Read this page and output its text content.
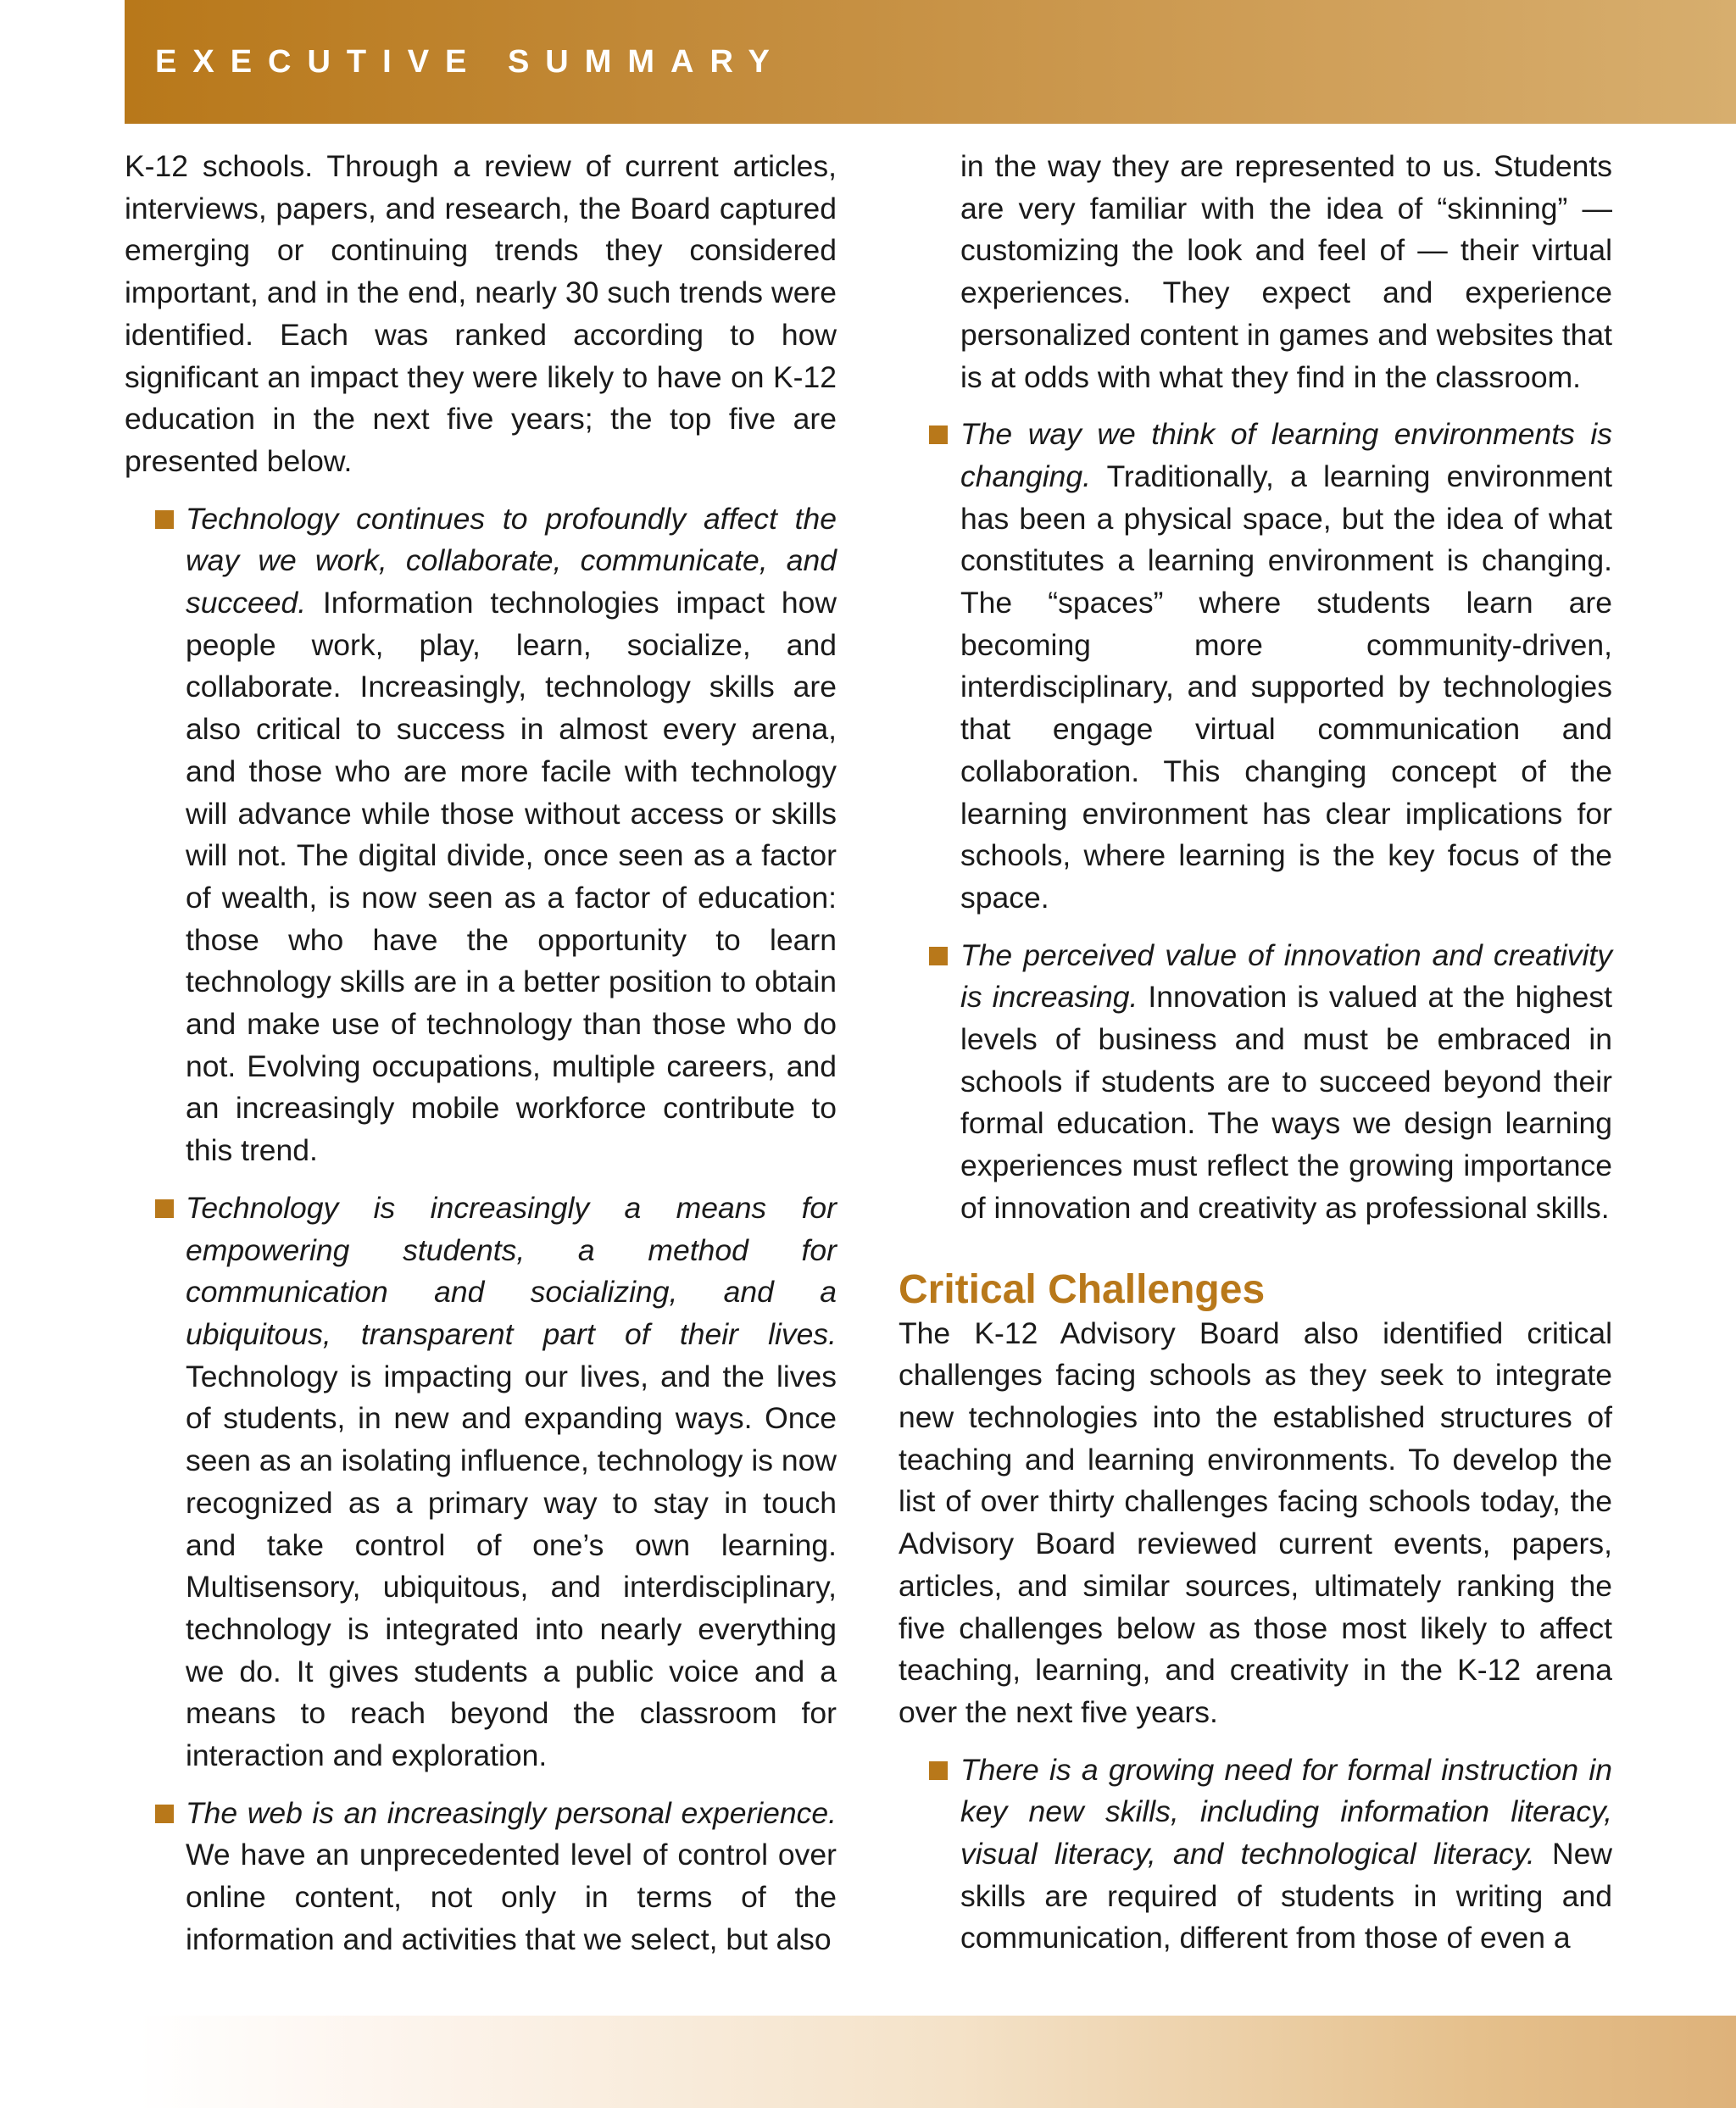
EXECUTIVE SUMMARY

K-12 schools. Through a review of current articles, interviews, papers, and research, the Board captured emerging or continuing trends they considered important, and in the end, nearly 30 such trends were identified. Each was ranked according to how significant an impact they were likely to have on K-12 education in the next five years; the top five are presented below.

Technology continues to profoundly affect the way we work, collaborate, communicate, and succeed. Information technologies impact how people work, play, learn, socialize, and collaborate. Increasingly, technology skills are also critical to success in almost every arena, and those who are more facile with technology will advance while those without access or skills will not. The digital divide, once seen as a factor of wealth, is now seen as a factor of education: those who have the opportunity to learn technology skills are in a better position to obtain and make use of technology than those who do not. Evolving occupations, multiple careers, and an increasingly mobile workforce contribute to this trend.
Technology is increasingly a means for empowering students, a method for communication and socializing, and a ubiquitous, transparent part of their lives. Technology is impacting our lives, and the lives of students, in new and expanding ways. Once seen as an isolating influence, technology is now recognized as a primary way to stay in touch and take control of one’s own learning. Multisensory, ubiquitous, and interdisciplinary, technology is integrated into nearly everything we do. It gives students a public voice and a means to reach beyond the classroom for interaction and exploration.
The web is an increasingly personal experience. We have an unprecedented level of control over online content, not only in terms of the information and activities that we select, but also

in the way they are represented to us. Students are very familiar with the idea of “skinning” — customizing the look and feel of — their virtual experiences. They expect and experience personalized content in games and websites that is at odds with what they find in the classroom.

The way we think of learning environments is changing. Traditionally, a learning environment has been a physical space, but the idea of what constitutes a learning environment is changing. The “spaces” where students learn are becoming more community-driven, interdisciplinary, and supported by technologies that engage virtual communication and collaboration. This changing concept of the learning environment has clear implications for schools, where learning is the key focus of the space.
The perceived value of innovation and creativity is increasing. Innovation is valued at the highest levels of business and must be embraced in schools if students are to succeed beyond their formal education. The ways we design learning experiences must reflect the growing importance of innovation and creativity as professional skills.
Critical Challenges

The K-12 Advisory Board also identified critical challenges facing schools as they seek to integrate new technologies into the established structures of teaching and learning environments. To develop the list of over thirty challenges facing schools today, the Advisory Board reviewed current events, papers, articles, and similar sources, ultimately ranking the five challenges below as those most likely to affect teaching, learning, and creativity in the K-12 arena over the next five years.

There is a growing need for formal instruction in key new skills, including information literacy, visual literacy, and technological literacy. New skills are required of students in writing and communication, different from those of even a
